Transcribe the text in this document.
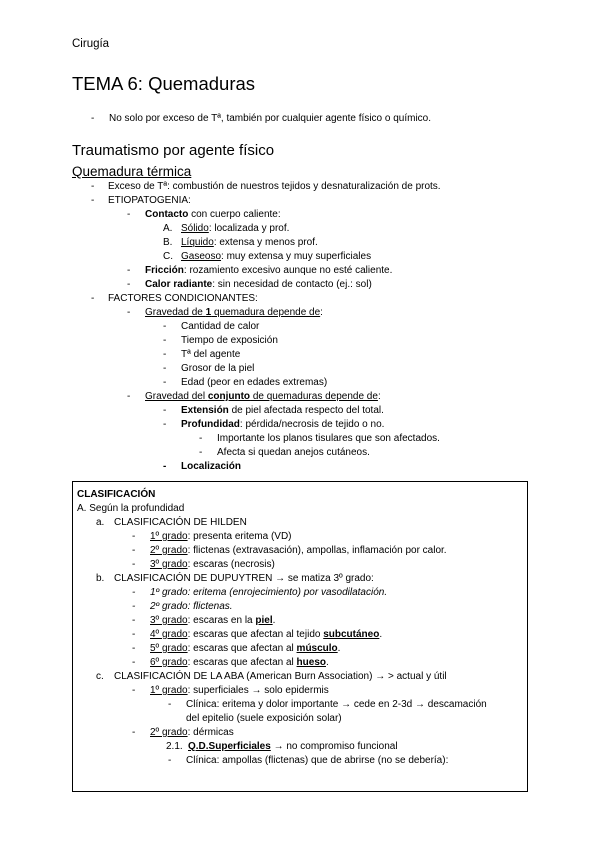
Cirugía
TEMA 6: Quemaduras
- No solo por exceso de Tª, también por cualquier agente físico o químico.
Traumatismo por agente físico
Quemadura térmica
- Exceso de Tª: combustión de nuestros tejidos y desnaturalización de prots.
- ETIOPATOGENIA:
- Contacto con cuerpo caliente:
A. Sólido: localizada y prof.
B. Líquido: extensa y menos prof.
C. Gaseoso: muy extensa y muy superficiales
- Fricción: rozamiento excesivo aunque no esté caliente.
- Calor radiante: sin necesidad de contacto (ej.: sol)
- FACTORES CONDICIONANTES:
- Gravedad de 1 quemadura depende de:
- Cantidad de calor
- Tiempo de exposición
- Tª del agente
- Grosor de la piel
- Edad (peor en edades extremas)
- Gravedad del conjunto de quemaduras depende de:
- Extensión de piel afectada respecto del total.
- Profundidad: pérdida/necrosis de tejido o no.
- Importante los planos tisulares que son afectados.
- Afecta si quedan anejos cutáneos.
- Localización
CLASIFICACIÓN
A. Según la profundidad
a. CLASIFICACIÓN DE HILDEN
- 1º grado: presenta eritema (VD)
- 2º grado: flictenas (extravasación), ampollas, inflamación por calor.
- 3º grado: escaras (necrosis)
b. CLASIFICACIÓN DE DUPUYTREN → se matiza 3º grado:
- 1º grado: eritema (enrojecimiento) por vasodilatación.
- 2º grado: flictenas.
- 3º grado: escaras en la piel.
- 4º grado: escaras que afectan al tejido subcutáneo.
- 5º grado: escaras que afectan al músculo.
- 6º grado: escaras que afectan al hueso.
c. CLASIFICACIÓN DE LA ABA (American Burn Association) → > actual y útil
- 1º grado: superficiales → solo epidermis
- Clínica: eritema y dolor importante → cede en 2-3d → descamación
del epitelio (suele exposición solar)
- 2º grado: dérmicas
2.1. Q.D.Superficiales → no compromiso funcional
- Clínica: ampollas (flictenas) que de abrirse (no se debería):
